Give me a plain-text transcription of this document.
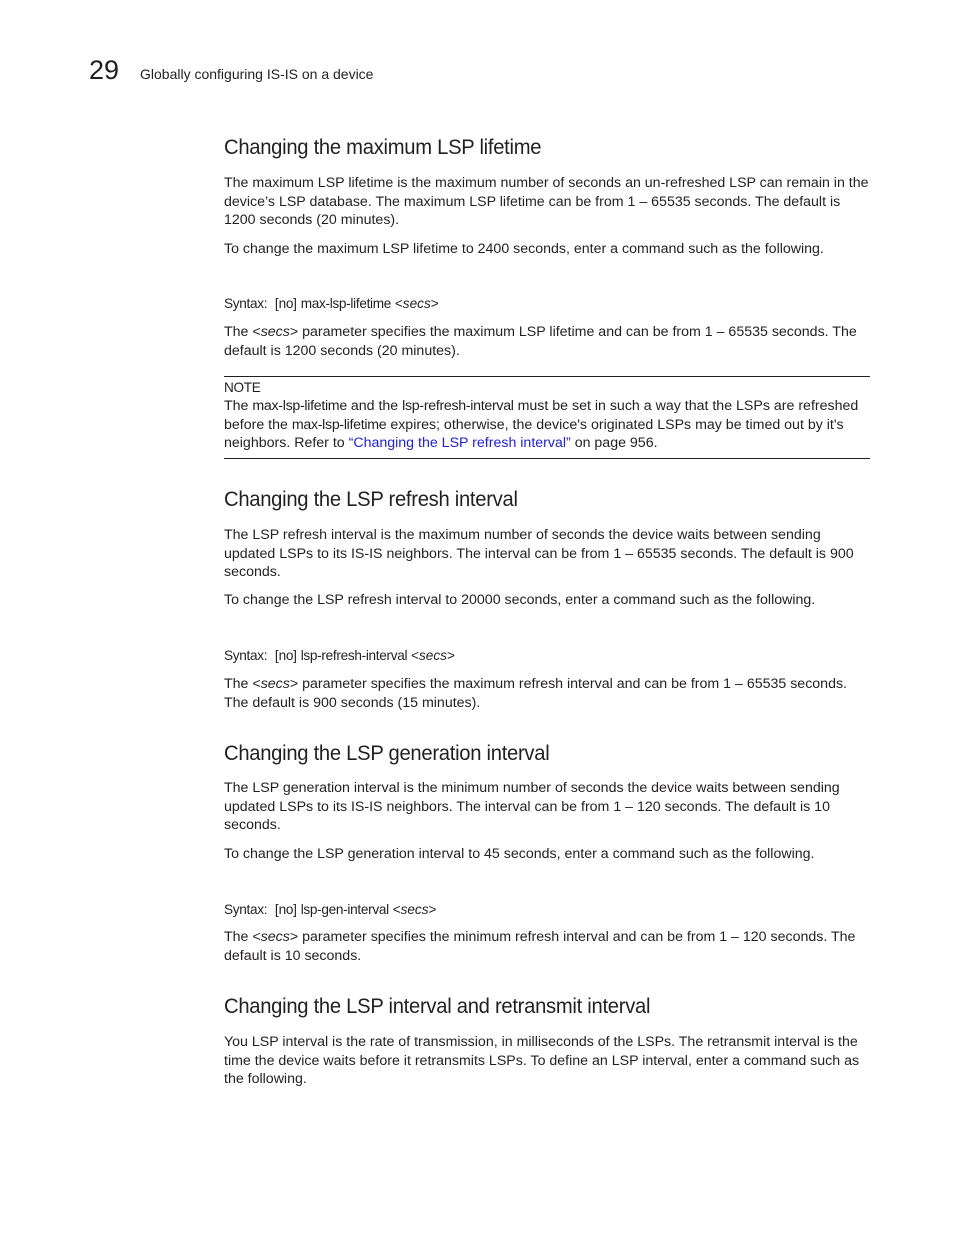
29 Globally configuring IS-IS on a device
Changing the maximum LSP lifetime

The maximum LSP lifetime is the maximum number of seconds an un-refreshed LSP can remain in the device’s LSP database. The maximum LSP lifetime can be from 1 – 65535 seconds. The default is 1200 seconds (20 minutes).

To change the maximum LSP lifetime to 2400 seconds, enter a command such as the following.

Syntax: [no] max-lsp-lifetime <secs>

The <secs> parameter specifies the maximum LSP lifetime and can be from 1 – 65535 seconds. The default is 1200 seconds (20 minutes).

NOTE

The max-lsp-lifetime and the lsp-refresh-interval must be set in such a way that the LSPs are refreshed before the max-lsp-lifetime expires; otherwise, the device's originated LSPs may be timed out by it's neighbors. Refer to “Changing the LSP refresh interval” on page 956.

Changing the LSP refresh interval

The LSP refresh interval is the maximum number of seconds the device waits between sending updated LSPs to its IS-IS neighbors. The interval can be from 1 – 65535 seconds. The default is 900 seconds.

To change the LSP refresh interval to 20000 seconds, enter a command such as the following.

Syntax: [no] lsp-refresh-interval <secs>

The <secs> parameter specifies the maximum refresh interval and can be from 1 – 65535 seconds. The default is 900 seconds (15 minutes).

Changing the LSP generation interval

The LSP generation interval is the minimum number of seconds the device waits between sending updated LSPs to its IS-IS neighbors. The interval can be from 1 – 120 seconds. The default is 10 seconds.

To change the LSP generation interval to 45 seconds, enter a command such as the following.

Syntax: [no] lsp-gen-interval <secs>

The <secs> parameter specifies the minimum refresh interval and can be from 1 – 120 seconds. The default is 10 seconds.

Changing the LSP interval and retransmit interval

You LSP interval is the rate of transmission, in milliseconds of the LSPs. The retransmit interval is the time the device waits before it retransmits LSPs. To define an LSP interval, enter a command such as the following.
